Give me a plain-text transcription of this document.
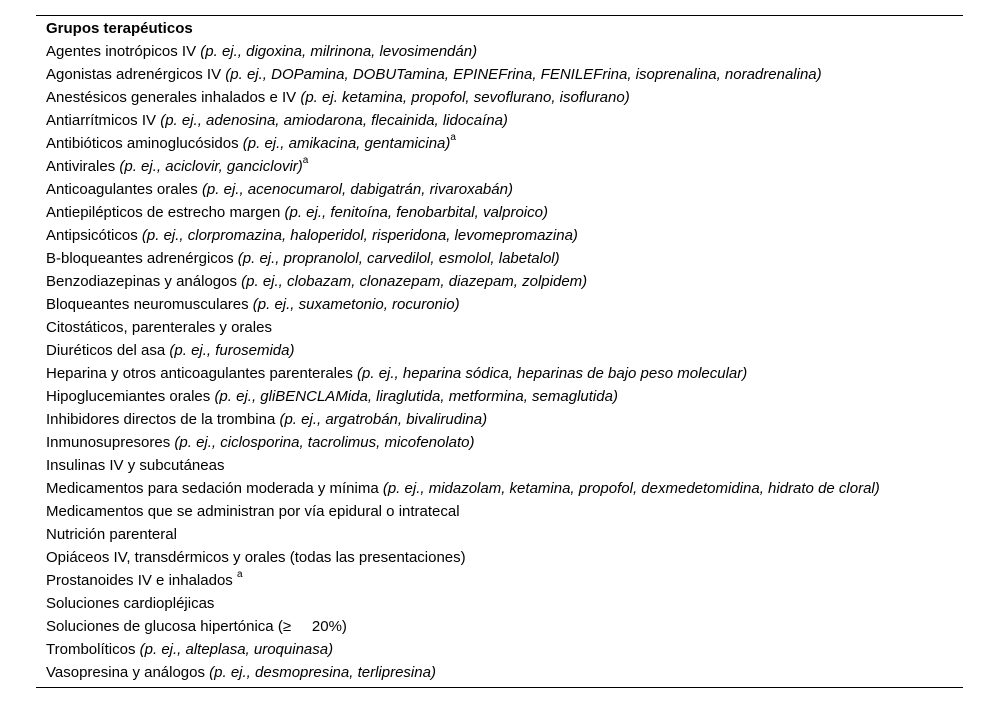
Grupos terapéuticos
Agentes inotrópicos IV (p. ej., digoxina, milrinona, levosimendán)
Agonistas adrenérgicos IV (p. ej., DOPamina, DOBUTamina, EPINEFrina, FENILEFrina, isoprenalina, noradrenalina)
Anestésicos generales inhalados e IV (p. ej. ketamina, propofol, sevoflurano, isoflurano)
Antiarrítmicos IV (p. ej., adenosina, amiodarona, flecainida, lidocaína)
Antibióticos aminoglucósidos (p. ej., amikacina, gentamicina)$^a$
Antivirales (p. ej., aciclovir, ganciclovir)$^a$
Anticoagulantes orales (p. ej., acenocumarol, dabigatrán, rivaroxabán)
Antiepilépticos de estrecho margen (p. ej., fenitoína, fenobarbital, valproico)
Antipsicóticos (p. ej., clorpromazina, haloperidol, risperidona, levomepromazina)
B-bloqueantes adrenérgicos (p. ej., propranolol, carvedilol, esmolol, labetalol)
Benzodiazepinas y análogos (p. ej., clobazam, clonazepam, diazepam, zolpidem)
Bloqueantes neuromusculares (p. ej., suxametonio, rocuronio)
Citostáticos, parenterales y orales
Diuréticos del asa (p. ej., furosemida)
Heparina y otros anticoagulantes parenterales (p. ej., heparina sódica, heparinas de bajo peso molecular)
Hipoglucemiantes orales (p. ej., gliBENCLAMida, liraglutida, metformina, semaglutida)
Inhibidores directos de la trombina (p. ej., argatrobán, bivalirudina)
Inmunosupresores (p. ej., ciclosporina, tacrolimus, micofenolato)
Insulinas IV y subcutáneas
Medicamentos para sedación moderada y mínima (p. ej., midazolam, ketamina, propofol, dexmedetomidina, hidrato de cloral)
Medicamentos que se administran por vía epidural o intratecal
Nutrición parenteral
Opiáceos IV, transdérmicos y orales (todas las presentaciones)
Prostanoides IV e inhalados $^a$
Soluciones cardiopléjicas
Soluciones de glucosa hipertónica (≥     20%)
Trombolíticos (p. ej., alteplasa, uroquinasa)
Vasopresina y análogos (p. ej., desmopresina, terlipresina)
